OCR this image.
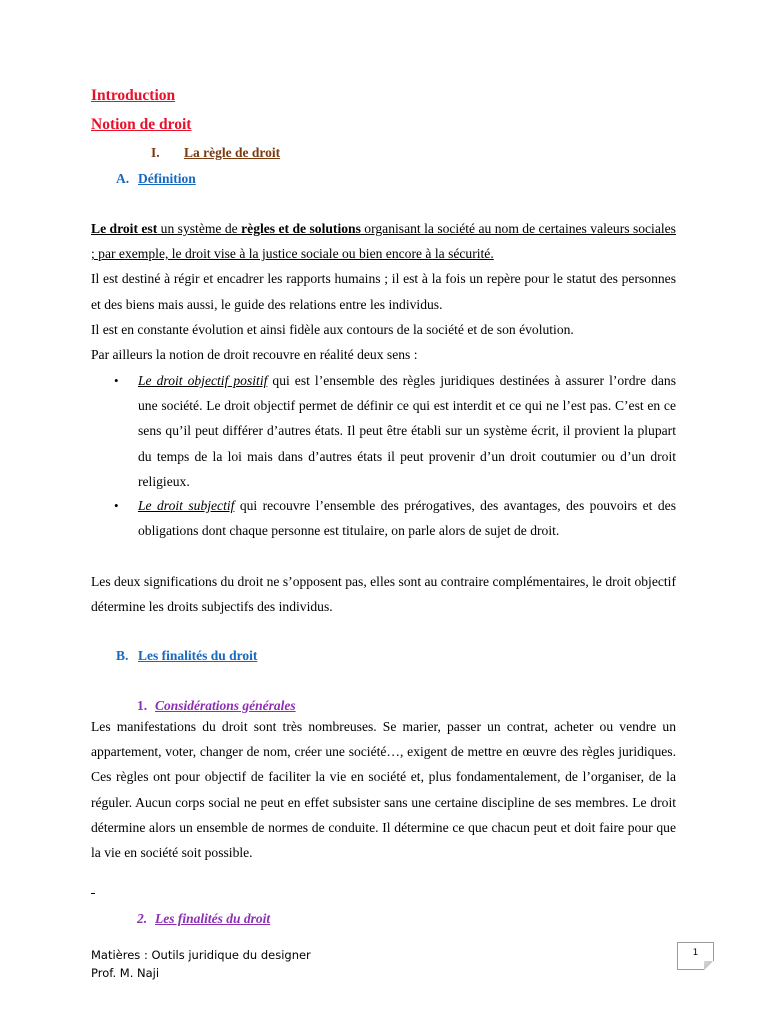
Introduction
Notion de droit
I. La règle de droit
A. Définition
Le droit est un système de règles et de solutions organisant la société au nom de certaines valeurs sociales ; par exemple, le droit vise à la justice sociale ou bien encore à la sécurité.
Il est destiné à régir et encadrer les rapports humains ; il est à la fois un repère pour le statut des personnes et des biens mais aussi, le guide des relations entre les individus.
Il est en constante évolution et ainsi fidèle aux contours de la société et de son évolution.
Par ailleurs la notion de droit recouvre en réalité deux sens :
• Le droit objectif positif qui est l’ensemble des règles juridiques destinées à assurer l’ordre dans une société. Le droit objectif permet de définir ce qui est interdit et ce qui ne l’est pas. C’est en ce sens qu’il peut différer d’autres états. Il peut être établi sur un système écrit, il provient la plupart du temps de la loi mais dans d’autres états il peut provenir d’un droit coutumier ou d’un droit religieux.
• Le droit subjectif qui recouvre l’ensemble des prérogatives, des avantages, des pouvoirs et des obligations dont chaque personne est titulaire, on parle alors de sujet de droit.
Les deux significations du droit ne s’opposent pas, elles sont au contraire complémentaires, le droit objectif détermine les droits subjectifs des individus.
B. Les finalités du droit
1. Considérations générales
Les manifestations du droit sont très nombreuses. Se marier, passer un contrat, acheter ou vendre un appartement, voter, changer de nom, créer une société…, exigent de mettre en œuvre des règles juridiques. Ces règles ont pour objectif de faciliter la vie en société et, plus fondamentalement, de l’organiser, de la réguler. Aucun corps social ne peut en effet subsister sans une certaine discipline de ses membres. Le droit détermine alors un ensemble de normes de conduite. Il détermine ce que chacun peut et doit faire pour que la vie en société soit possible.
2. Les finalités du droit
Matières : Outils juridique du designer
Prof. M. Naji
1
